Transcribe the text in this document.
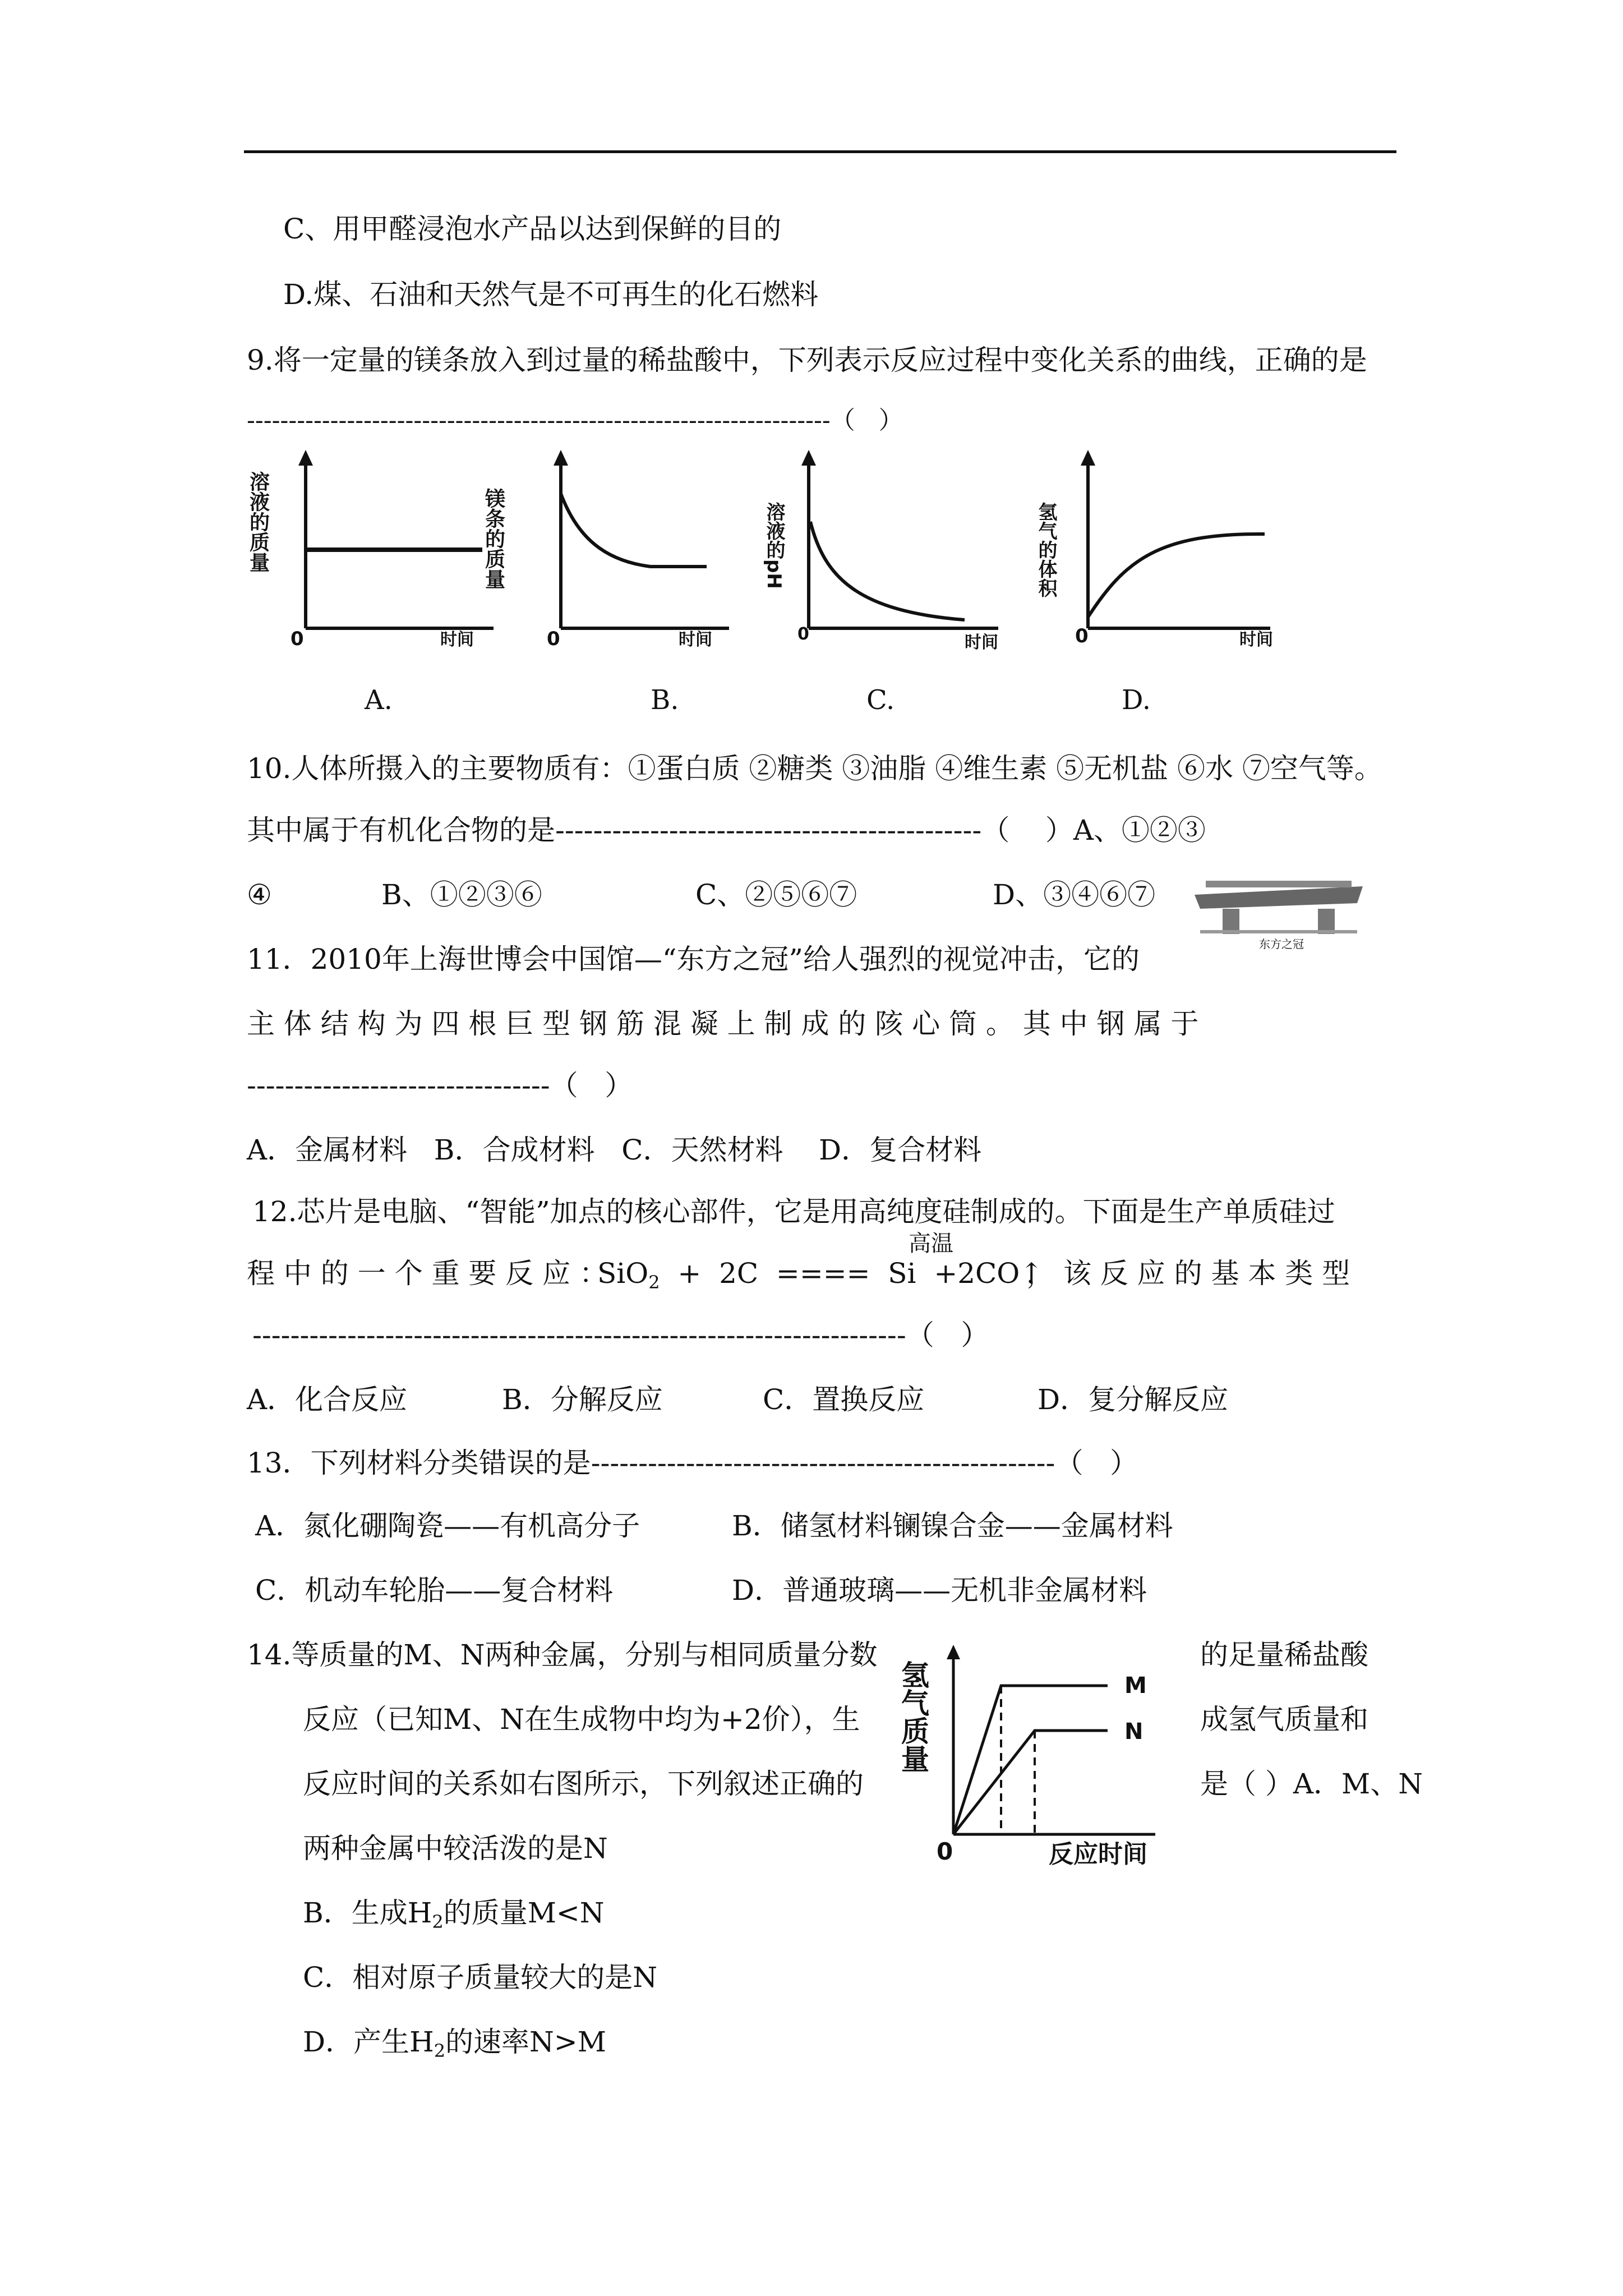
C、用甲醛浸泡水产品以达到保鲜的目的
D.煤、石油和天然气是不可再生的化石燃料
9.将一定量的镁条放入到过量的稀盐酸中，下列表示反应过程中变化关系的曲线，正确的是
----------------------------------------------------------------------（   ）
溶液的质量
0	时间
A.
镁条的质量
0	时间
B.
溶液的pH
0	时间
C.
氢气的体积
0	时间
D.
10.人体所摄入的主要物质有：①蛋白质 ②糖类 ③油脂 ④维生素 ⑤无机盐 ⑥水 ⑦空气等。
其中属于有机化合物的是---------------------------------------------（    ）A、①②③
④	B、①②③⑥	C、②⑤⑥⑦	D、③④⑥⑦
东方之冠
11．2010年上海世博会中国馆—“东方之冠”给人强烈的视觉冲击，它的
主 体 结 构 为 四 根 巨 型 钢 筋 混 凝 上 制 成 的 陔 心 筒 。 其 中 钢 属 于
--------------------------------（   ）
A．金属材料   B．合成材料   C．天然材料    D．复合材料
12.芯片是电脑、“智能”加点的核心部件，它是用高纯度硅制成的。下面是生产单质硅过
高温
程 中 的 一 个 重 要 反 应 ：
SiO$_2$  +  2C  ====  Si  +2CO↑
， 该 反 应 的 基 本 类 型
---------------------------------------------------------------------（   ）
A．化合反应	B．分解反应	C．置换反应	D．复分解反应
13．下列材料分类错误的是-------------------------------------------------（   ）
A．氮化硼陶瓷——有机高分子	B．储氢材料镧镍合金——金属材料
C．机动车轮胎——复合材料	D．普通玻璃——无机非金属材料
14.等质量的M、N两种金属，分别与相同质量分数	的足量稀盐酸
反应（已知M、N在生成物中均为+2价），生	成氢气质量和
反应时间的关系如右图所示，下列叙述正确的	是（ ）A．M、N
两种金属中较活泼的是N
氢气质量	M
N
0	反应时间
B．生成$H_2$的质量M<N
C．相对原子质量较大的是N
D．产生$H_2$的速率N>M
